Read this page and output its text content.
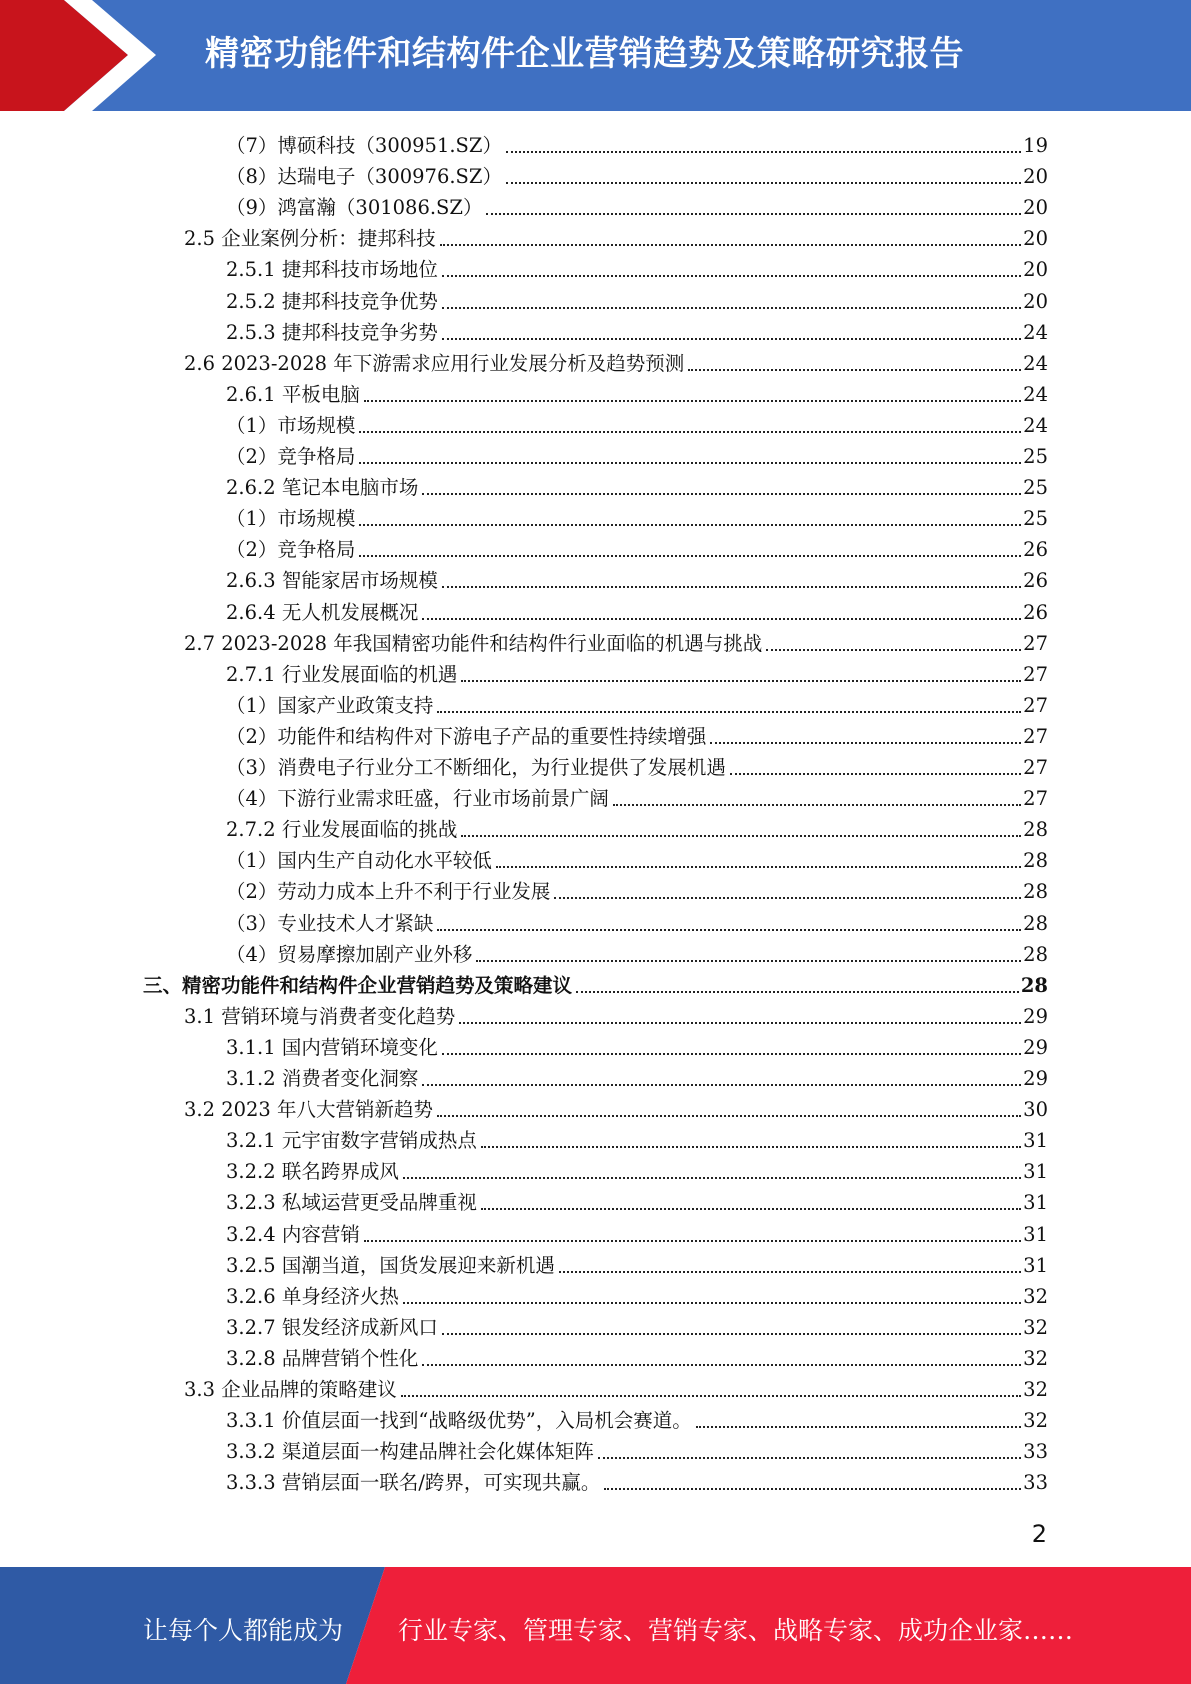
精密功能件和结构件企业营销趋势及策略研究报告
（7）博硕科技（300951.SZ）	19
（8）达瑞电子（300976.SZ）	20
（9）鸿富瀚（301086.SZ）	20
2.5 企业案例分析：捷邦科技	20
2.5.1 捷邦科技市场地位	20
2.5.2 捷邦科技竞争优势	20
2.5.3 捷邦科技竞争劣势	24
2.6 2023-2028 年下游需求应用行业发展分析及趋势预测	24
2.6.1 平板电脑	24
（1）市场规模	24
（2）竞争格局	25
2.6.2 笔记本电脑市场	25
（1）市场规模	25
（2）竞争格局	26
2.6.3 智能家居市场规模	26
2.6.4 无人机发展概况	26
2.7 2023-2028 年我国精密功能件和结构件行业面临的机遇与挑战	27
2.7.1 行业发展面临的机遇	27
（1）国家产业政策支持	27
（2）功能件和结构件对下游电子产品的重要性持续增强	27
（3）消费电子行业分工不断细化，为行业提供了发展机遇	27
（4）下游行业需求旺盛，行业市场前景广阔	27
2.7.2 行业发展面临的挑战	28
（1）国内生产自动化水平较低	28
（2）劳动力成本上升不利于行业发展	28
（3）专业技术人才紧缺	28
（4）贸易摩擦加剧产业外移	28
三、精密功能件和结构件企业营销趋势及策略建议	28
3.1 营销环境与消费者变化趋势	29
3.1.1 国内营销环境变化	29
3.1.2 消费者变化洞察	29
3.2 2023 年八大营销新趋势	30
3.2.1 元宇宙数字营销成热点	31
3.2.2 联名跨界成风	31
3.2.3 私域运营更受品牌重视	31
3.2.4 内容营销	31
3.2.5 国潮当道，国货发展迎来新机遇	31
3.2.6 单身经济火热	32
3.2.7 银发经济成新风口	32
3.2.8 品牌营销个性化	32
3.3 企业品牌的策略建议	32
3.3.1 价值层面一找到“战略级优势”，入局机会赛道。	32
3.3.2 渠道层面一构建品牌社会化媒体矩阵	33
3.3.3 营销层面一联名/跨界，可实现共赢。	33
2
让每个人都能成为 行业专家、管理专家、营销专家、战略专家、成功企业家……
